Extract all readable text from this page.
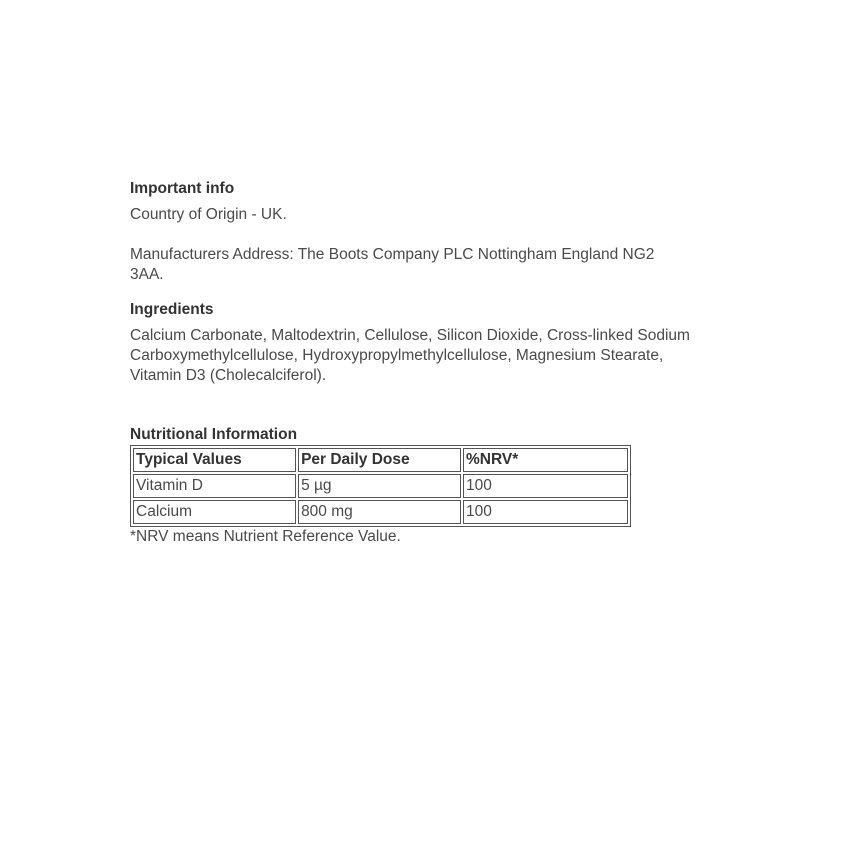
Important info

Country of Origin - UK.

Manufacturers Address: The Boots Company PLC Nottingham England NG2
3AA.

Ingredients

Calcium Carbonate, Maltodextrin, Cellulose, Silicon Dioxide, Cross-linked Sodium
Carboxymethylcellulose, Hydroxypropylmethylcellulose, Magnesium Stearate,
Vitamin D3 (Cholecalciferol).

Nutritional Information
Typical Values	Per Daily Dose	%NRV*
Vitamin D	5 µg	100
Calcium	800 mg	100

*NRV means Nutrient Reference Value.
